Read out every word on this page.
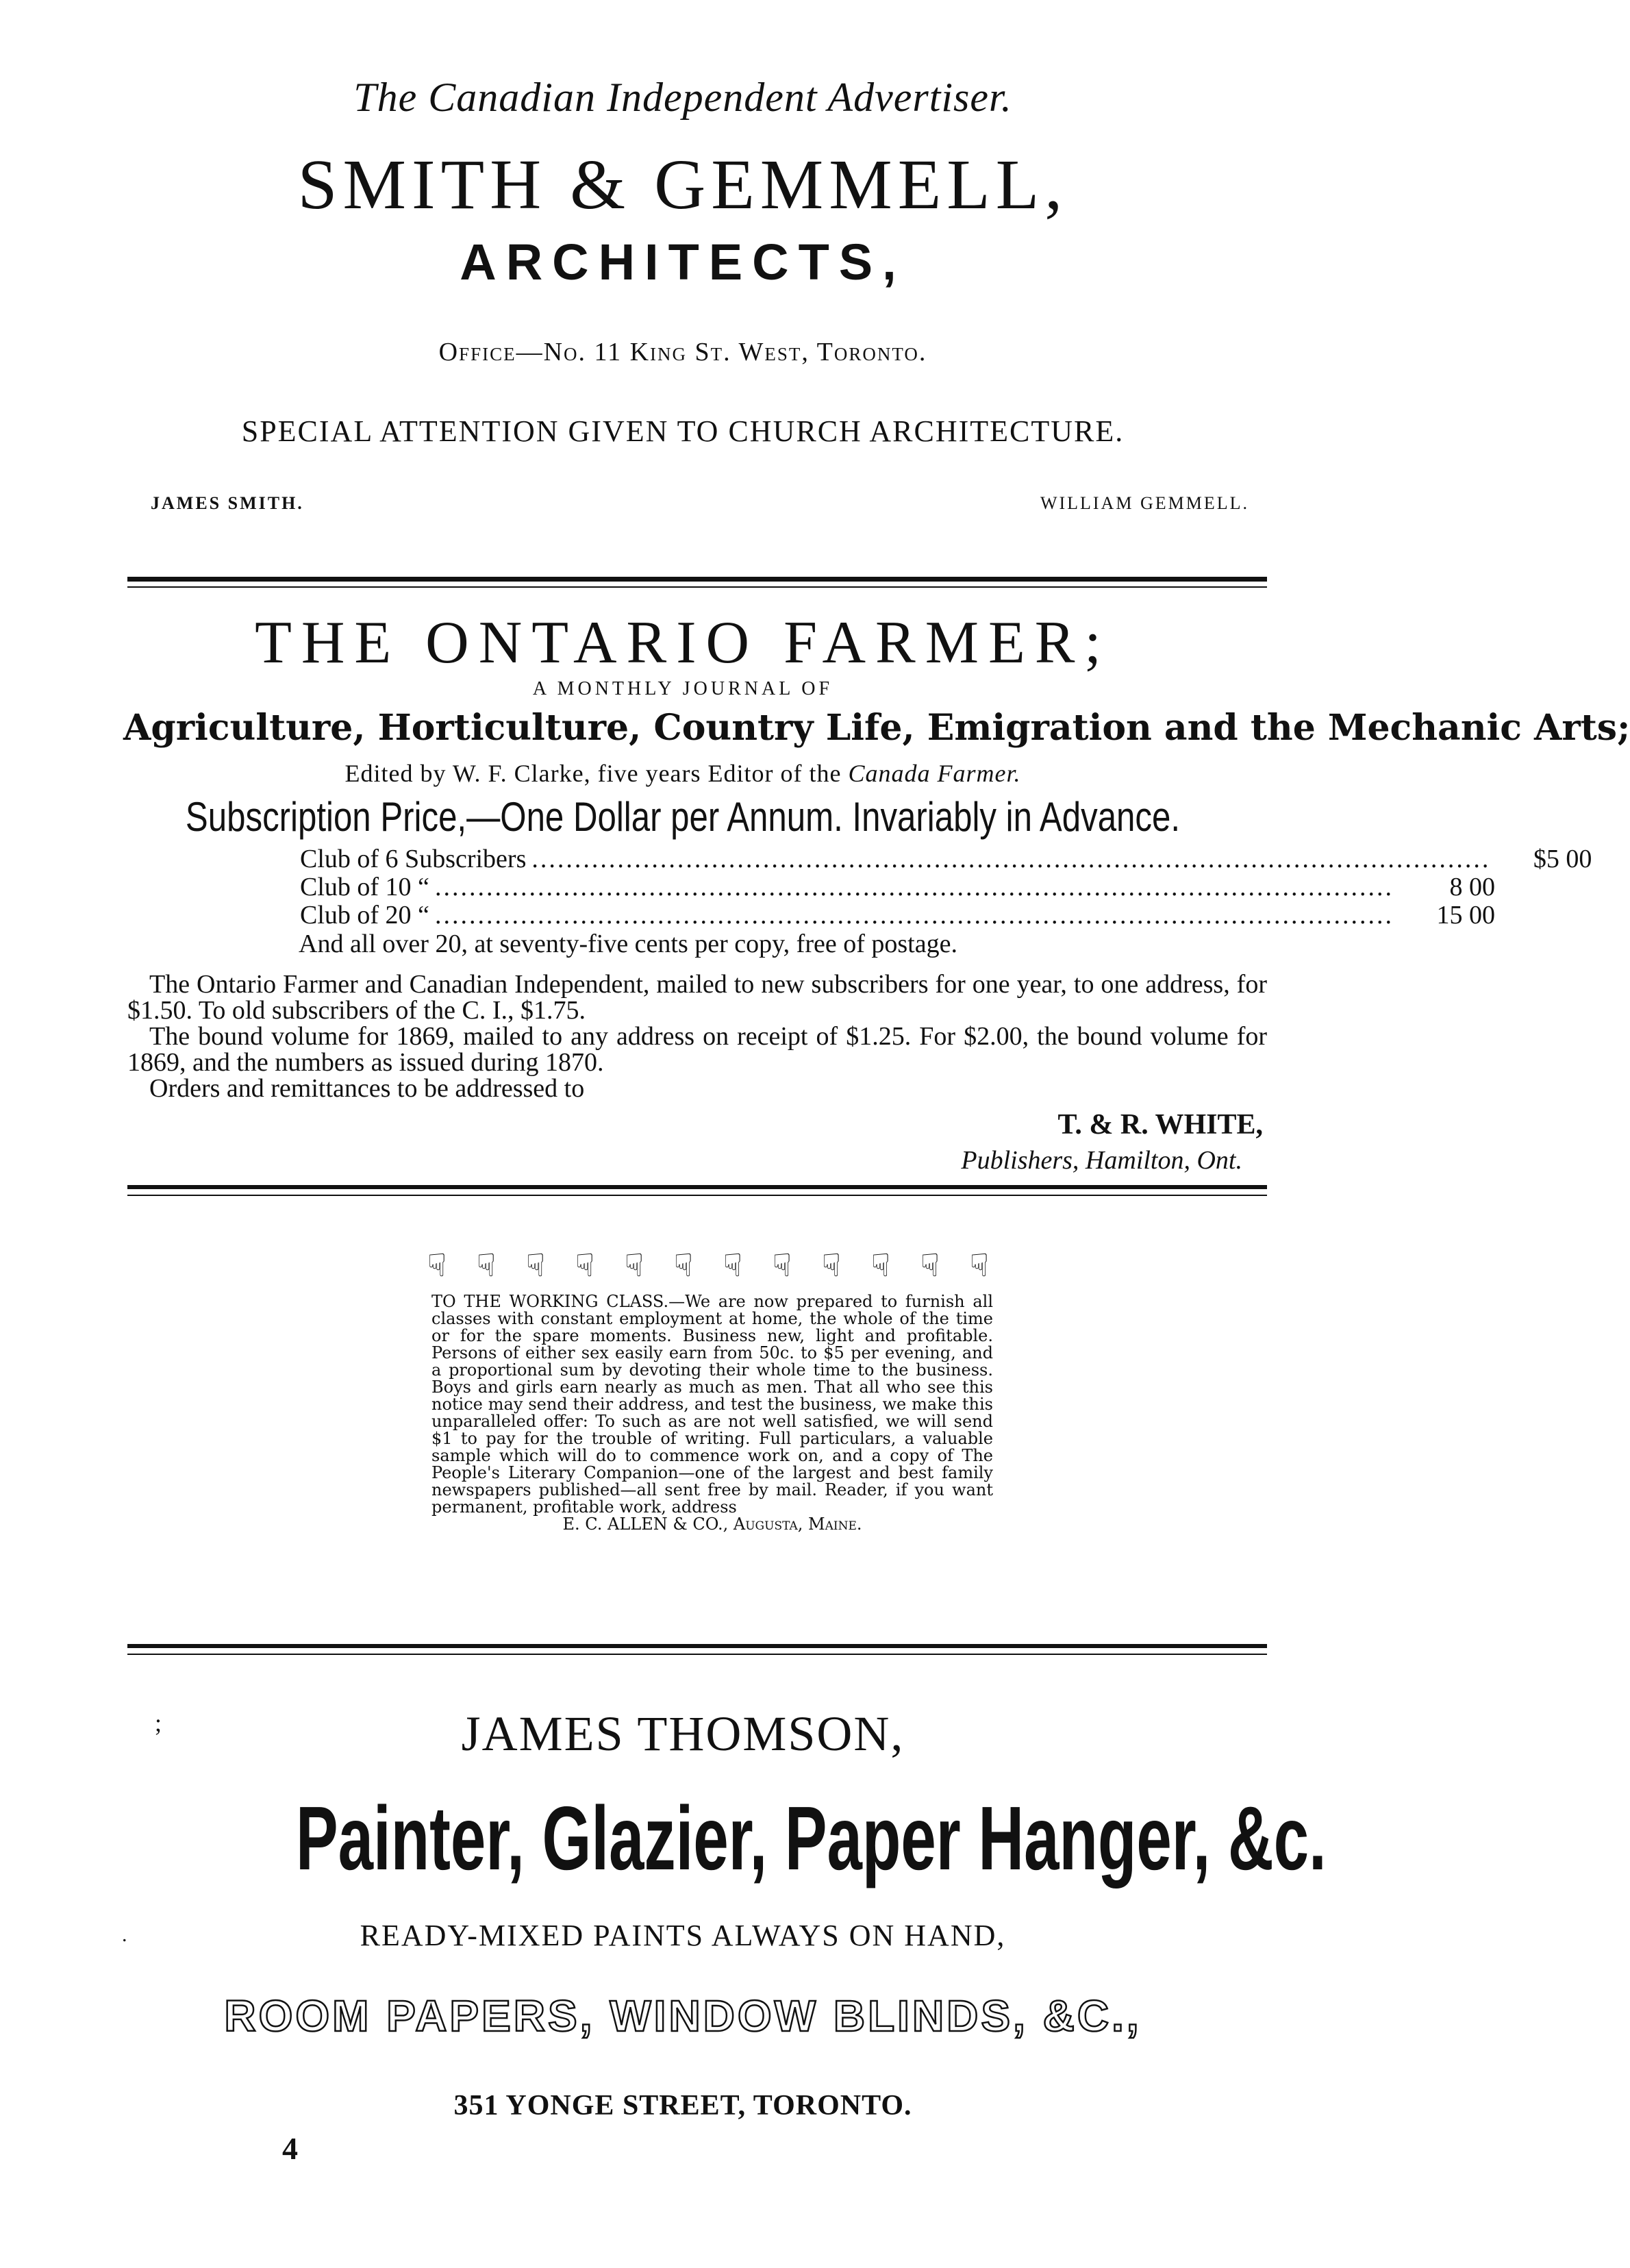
The Canadian Independent Advertiser.
SMITH & GEMMELL,
ARCHITECTS,
Office—No. 11 King St. West, Toronto.
SPECIAL ATTENTION GIVEN TO CHURCH ARCHITECTURE.
JAMES SMITH.	WILLIAM GEMMELL.
THE ONTARIO FARMER;
A MONTHLY JOURNAL OF
Agriculture, Horticulture, Country Life, Emigration and the Mechanic Arts;
Edited by W. F. Clarke, five years Editor of the Canada Farmer.
Subscription Price,—One Dollar per Annum. Invariably in Advance.
Club of 6 Subscribers ................................................................................................................	$5 00
Club of 10 “ ................................................................................................................	8 00
Club of 20 “ ................................................................................................................	15 00
And all over 20, at seventy-five cents per copy, free of postage.

The Ontario Farmer and Canadian Independent, mailed to new subscribers for one year, to one address, for $1.50. To old subscribers of the C. I., $1.75.

The bound volume for 1869, mailed to any address on receipt of $1.25. For $2.00, the bound volume for 1869, and the numbers as issued during 1870.

Orders and remittances to be addressed to

T. & R. WHITE,
Publishers, Hamilton, Ont.
☟ ☟ ☟ ☟ ☟ ☟ ☟ ☟ ☟ ☟ ☟ ☟
TO THE WORKING CLASS.—We are now prepared to furnish all classes with constant employment at home, the whole of the time or for the spare moments. Business new, light and profitable. Persons of either sex easily earn from 50c. to $5 per evening, and a proportional sum by devoting their whole time to the business. Boys and girls earn nearly as much as men. That all who see this notice may send their address, and test the business, we make this unparalleled offer: To such as are not well satisfied, we will send $1 to pay for the trouble of writing. Full particulars, a valuable sample which will do to commence work on, and a copy of The People's Literary Companion—one of the largest and best family newspapers published—all sent free by mail. Reader, if you want permanent, profitable work, address
E. C. ALLEN & CO., Augusta, Maine.
;	JAMES THOMSON,
Painter, Glazier, Paper Hanger, &c.
.	READY-MIXED PAINTS ALWAYS ON HAND,
ROOM PAPERS, WINDOW BLINDS, &C.,
351 YONGE STREET, TORONTO.
4
